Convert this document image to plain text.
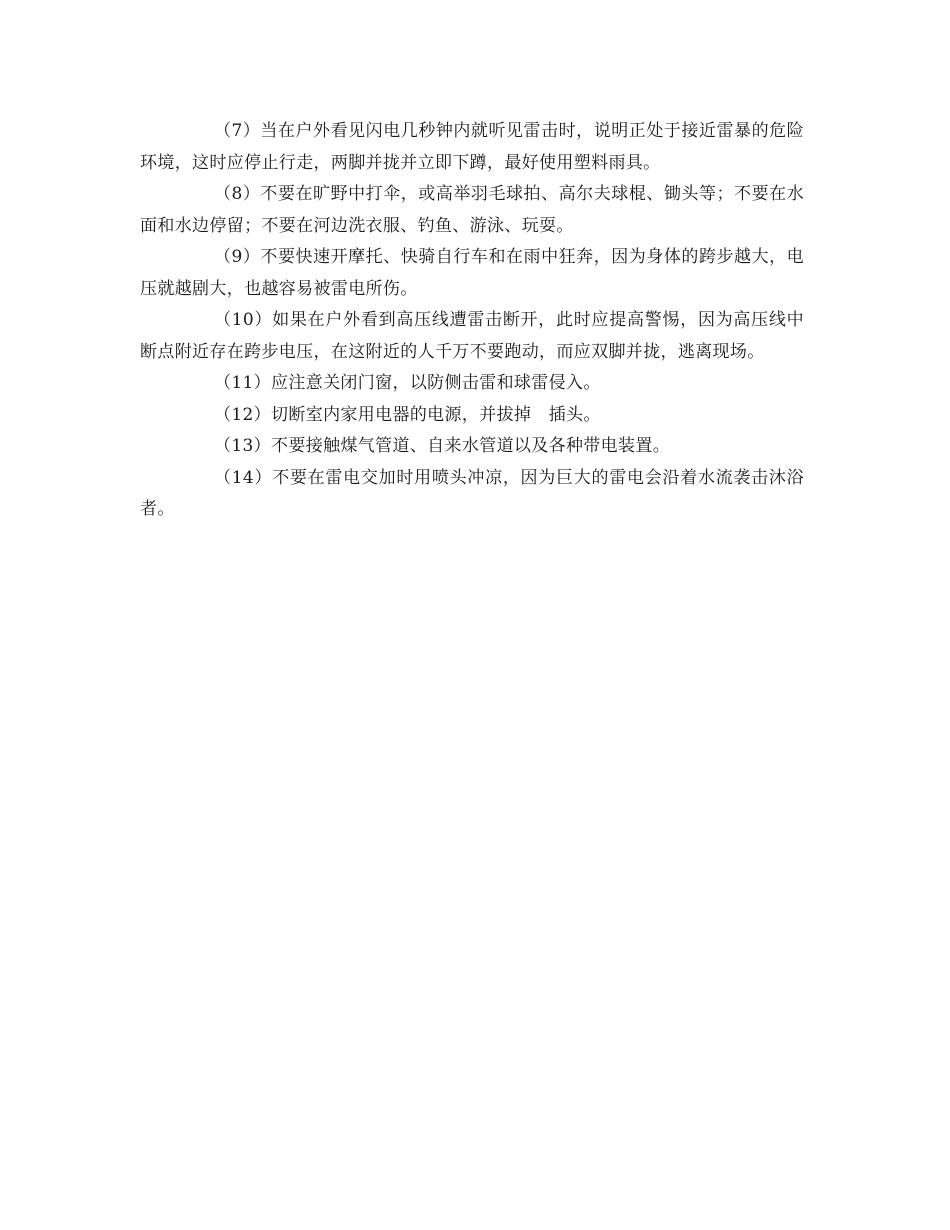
（7）当在户外看见闪电几秒钟内就听见雷击时，说明正处于接近雷暴的危险环境，这时应停止行走，两脚并拢并立即下蹲，最好使用塑料雨具。

（8）不要在旷野中打伞，或高举羽毛球拍、高尔夫球棍、锄头等；不要在水面和水边停留；不要在河边洗衣服、钓鱼、游泳、玩耍。

（9）不要快速开摩托、快骑自行车和在雨中狂奔，因为身体的跨步越大，电压就越剧大，也越容易被雷电所伤。

（10）如果在户外看到高压线遭雷击断开，此时应提高警惕，因为高压线中断点附近存在跨步电压，在这附近的人千万不要跑动，而应双脚并拢，逃离现场。

（11）应注意关闭门窗，以防侧击雷和球雷侵入。

（12）切断室内家用电器的电源，并拔掉　插头。

（13）不要接触煤气管道、自来水管道以及各种带电装置。

（14）不要在雷电交加时用喷头冲凉，因为巨大的雷电会沿着水流袭击沐浴者。
